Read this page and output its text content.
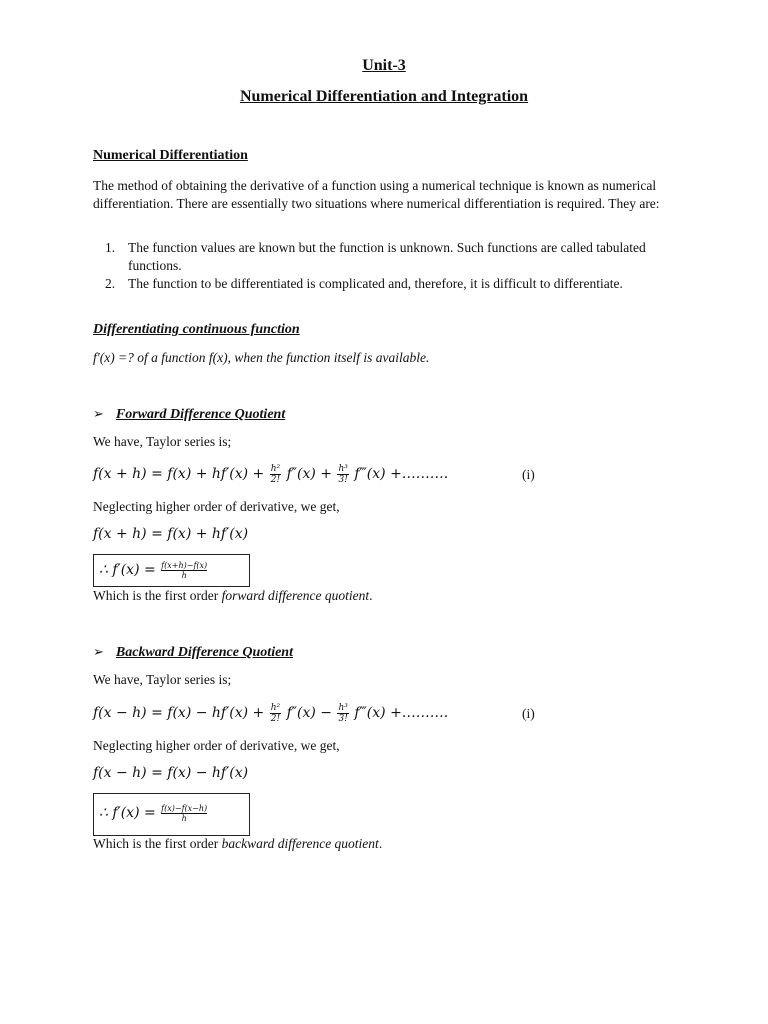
Unit-3
Numerical Differentiation and Integration
Numerical Differentiation
The method of obtaining the derivative of a function using a numerical technique is known as numerical differentiation. There are essentially two situations where numerical differentiation is required. They are:
1. The function values are known but the function is unknown. Such functions are called tabulated functions.
2. The function to be differentiated is complicated and, therefore, it is difficult to differentiate.
Differentiating continuous function
f′(x) =? of a function f(x), when the function itself is available.
➢ Forward Difference Quotient
We have, Taylor series is;
$f(x + h) = f(x) + hf'(x) + \frac{\text{h²}}{2!} f''(x) + \frac{\text{h³}}{3!}$ f‴(x) +……….	(i)
Neglecting higher order of derivative, we get,
f(x + h) = f(x) + hf′(x)
∴ $f'(x) = \frac{f(x+h)-f(x)}{h}$
Which is the first order forward difference quotient.
➢ Backward Difference Quotient
We have, Taylor series is;
$f(x - h) = f(x) - hf'(x) + \frac{\text{h²}}{2!} f''(x) - \frac{\text{h³}}{3!}$ f‴(x) +……….	(i)
Neglecting higher order of derivative, we get,
f(x − h) = f(x) − hf′(x)
∴ $f'(x) = \frac{f(x)-f(x-h)}{h}$
Which is the first order backward difference quotient.
